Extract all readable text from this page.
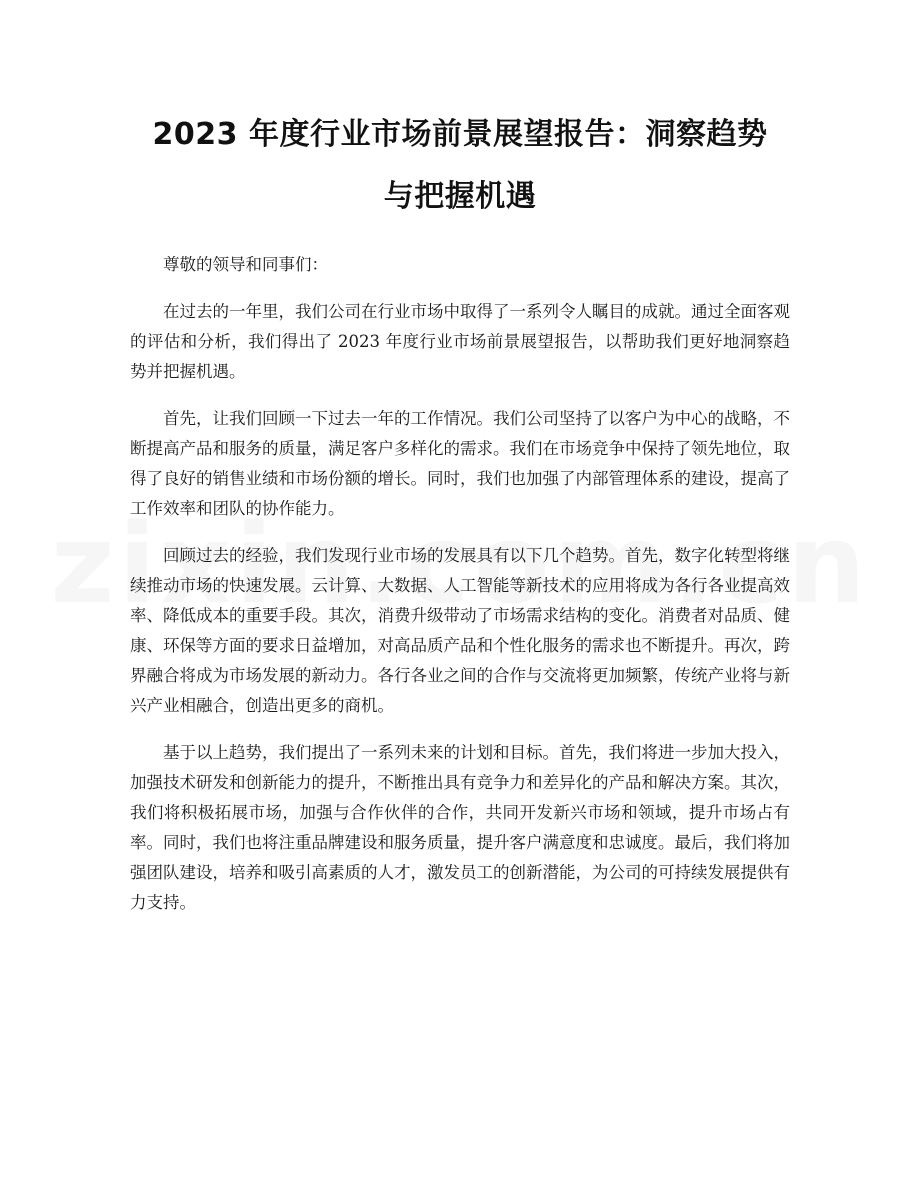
2023 年度行业市场前景展望报告：洞察趋势
与把握机遇

尊敬的领导和同事们：

在过去的一年里，我们公司在行业市场中取得了一系列令人瞩目的成就。通过全面客观的评估和分析，我们得出了 2023 年度行业市场前景展望报告，以帮助我们更好地洞察趋势并把握机遇。

首先，让我们回顾一下过去一年的工作情况。我们公司坚持了以客户为中心的战略，不断提高产品和服务的质量，满足客户多样化的需求。我们在市场竞争中保持了领先地位，取得了良好的销售业绩和市场份额的增长。同时，我们也加强了内部管理体系的建设，提高了工作效率和团队的协作能力。

回顾过去的经验，我们发现行业市场的发展具有以下几个趋势。首先，数字化转型将继续推动市场的快速发展。云计算、大数据、人工智能等新技术的应用将成为各行各业提高效率、降低成本的重要手段。其次，消费升级带动了市场需求结构的变化。消费者对品质、健康、环保等方面的要求日益增加，对高品质产品和个性化服务的需求也不断提升。再次，跨界融合将成为市场发展的新动力。各行各业之间的合作与交流将更加频繁，传统产业将与新兴产业相融合，创造出更多的商机。

基于以上趋势，我们提出了一系列未来的计划和目标。首先，我们将进一步加大投入，加强技术研发和创新能力的提升，不断推出具有竞争力和差异化的产品和解决方案。其次，我们将积极拓展市场，加强与合作伙伴的合作，共同开发新兴市场和领域，提升市场占有率。同时，我们也将注重品牌建设和服务质量，提升客户满意度和忠诚度。最后，我们将加强团队建设，培养和吸引高素质的人才，激发员工的创新潜能，为公司的可持续发展提供有力支持。
